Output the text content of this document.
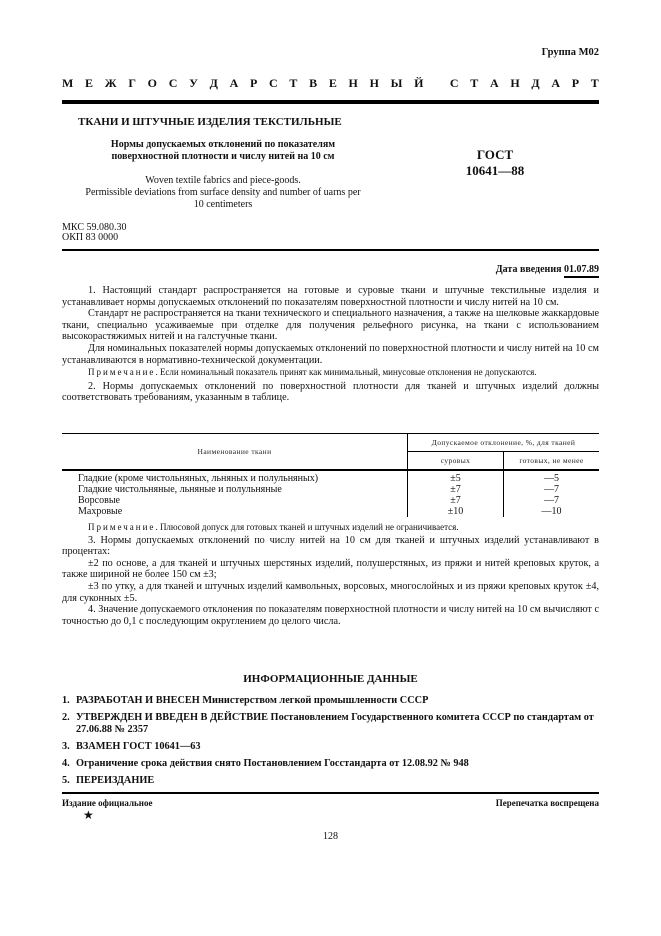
Группа М02
М Е Ж Г О С У Д А Р С Т В Е Н Н Ы Й
С Т А Н Д А Р Т
ТКАНИ И ШТУЧНЫЕ ИЗДЕЛИЯ ТЕКСТИЛЬНЫЕ
Нормы допускаемых отклонений по показателям
поверхностной плотности и числу нитей на 10 см	ГОСТ
10641—88
Woven textile fabrics and piece-goods.
Permissible deviations from surface density and number of uarns per
10 centimeters
МКС 59.080.30
ОКП 83 0000
Дата введения 01.07.89

1. Настоящий стандарт распространяется на готовые и суровые ткани и штучные текстильные изделия и устанавливает нормы допускаемых отклонений по показателям поверхностной плотности и числу нитей на 10 см.

Стандарт не распространяется на ткани технического и специального назначения, а также на шелковые жаккардовые ткани, специально усаживаемые при отделке для получения рельефного рисунка, на ткани с использованием высокорастяжимых нитей и на галстучные ткани.

Для номинальных показателей нормы допускаемых отклонений по поверхностной плотности и числу нитей на 10 см устанавливаются в нормативно-технической документации.

Примечание. Если номинальный показатель принят как минимальный, минусовые отклонения не допускаются.

2. Нормы допускаемых отклонений по поверхностной плотности для тканей и штучных изделий должны соответствовать требованиям, указанным в таблице.

Наименование ткани	Допускаемое отклонение, %, для тканей	
	суровых	готовых, не менее
Гладкие (кроме чистольняных, льняных и полульняных)	±5	—5
Гладкие чистольняные, льняные и полульняные	±7	—7
Ворсовые	±7	—7
Махровые	±10	—10

Примечание. Плюсовой допуск для готовых тканей и штучных изделий не ограничивается.

3. Нормы допускаемых отклонений по числу нитей на 10 см для тканей и штучных изделий устанавливают в процентах:

±2 по основе, а для тканей и штучных шерстяных изделий, полушерстяных, из пряжи и нитей креповых круток, а также шириной не более 150 см ±3;

±3 по утку, а для тканей и штучных изделий камвольных, ворсовых, многослойных и из пряжи креповых круток ±4, для суконных ±5.

4. Значение допускаемого отклонения по показателям поверхностной плотности и числу нитей на 10 см вычисляют с точностью до 0,1 с последующим округлением до целого числа.

ИНФОРМАЦИОННЫЕ ДАННЫЕ
1. РАЗРАБОТАН И ВНЕСЕН Министерством легкой промышленности СССР
2. УТВЕРЖДЕН И ВВЕДЕН В ДЕЙСТВИЕ Постановлением Государственного комитета СССР по стандартам от 27.06.88 № 2357
3. ВЗАМЕН ГОСТ 10641—63
4. Ограничение срока действия снято Постановлением Госстандарта от 12.08.92 № 948
5. ПЕРЕИЗДАНИЕ
Издание официальное	Перепечатка воспрещена
★
128
